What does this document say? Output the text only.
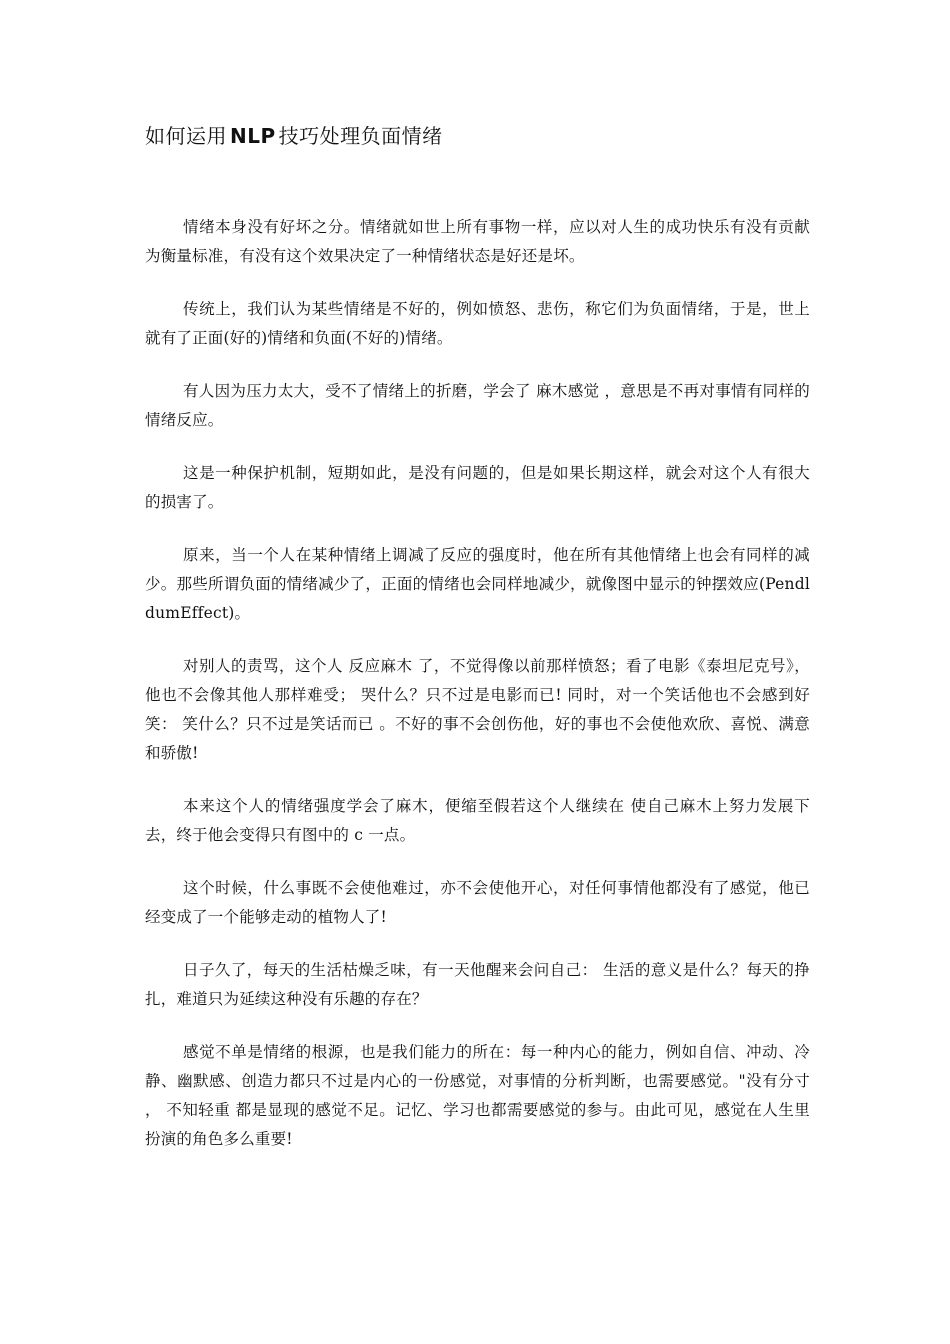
如何运用 NLP 技巧处理负面情绪

情绪本身没有好坏之分。情绪就如世上所有事物一样，应以对人生的成功快乐有没有贡献为衡量标准，有没有这个效果决定了一种情绪状态是好还是坏。

传统上，我们认为某些情绪是不好的，例如愤怒、悲伤，称它们为负面情绪，于是，世上就有了正面(好的)情绪和负面(不好的)情绪。

有人因为压力太大，受不了情绪上的折磨，学会了 麻木感觉 ，意思是不再对事情有同样的情绪反应。

这是一种保护机制，短期如此，是没有问题的，但是如果长期这样，就会对这个人有很大的损害了。

原来，当一个人在某种情绪上调减了反应的强度时，他在所有其他情绪上也会有同样的减少。那些所谓负面的情绪减少了，正面的情绪也会同样地减少，就像图中显示的钟摆效应(PendldumEffect)。

对别人的责骂，这个人 反应麻木 了，不觉得像以前那样愤怒；看了电影《泰坦尼克号》，他也不会像其他人那样难受； 哭什么？只不过是电影而已! 同时，对一个笑话他也不会感到好笑： 笑什么？只不过是笑话而已 。不好的事不会创伤他，好的事也不会使他欢欣、喜悦、满意和骄傲!

本来这个人的情绪强度学会了麻木，便缩至假若这个人继续在 使自己麻木上努力发展下去，终于他会变得只有图中的 c 一点。

这个时候，什么事既不会使他难过，亦不会使他开心，对任何事情他都没有了感觉，他已经变成了一个能够走动的植物人了!

日子久了，每天的生活枯燥乏味，有一天他醒来会问自己： 生活的意义是什么？每天的挣扎，难道只为延续这种没有乐趣的存在？

感觉不单是情绪的根源，也是我们能力的所在：每一种内心的能力，例如自信、冲动、冷静、幽默感、创造力都只不过是内心的一份感觉，对事情的分析判断，也需要感觉。"没有分寸 ， 不知轻重 都是显现的感觉不足。记忆、学习也都需要感觉的参与。由此可见，感觉在人生里扮演的角色多么重要!
